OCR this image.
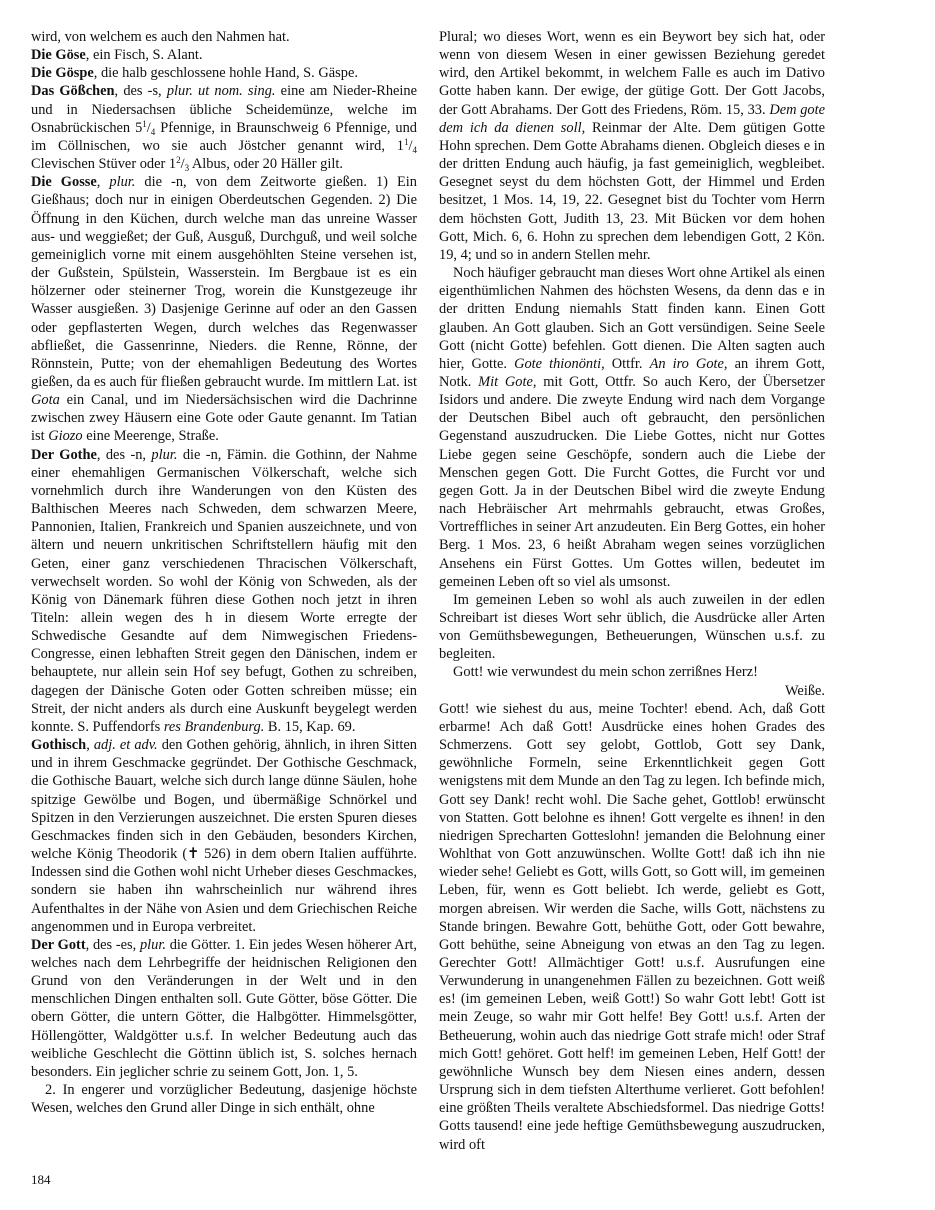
wird, von welchem es auch den Nahmen hat.

Die Göse, ein Fisch, S. Alant.

Die Göspe, die halb geschlossene hohle Hand, S. Gäspe.

Das Gößchen, des -s, plur. ut nom. sing. eine am Nieder-Rheine und in Niedersachsen übliche Scheidemünze, welche im Osnabrückischen $5^1/_4$ Pfennige, in Braunschweig 6 Pfennige, und im Cöllnischen, wo sie auch Jöstcher genannt wird, $1^1/_4$ Clevischen Stüver oder $1^2/_3$ Albus, oder 20 Häller gilt.

Die Gosse, plur. die -n, von dem Zeitworte gießen. 1) Ein Gießhaus; doch nur in einigen Oberdeutschen Gegenden. 2) Die Öffnung in den Küchen, durch welche man das unreine Wasser aus- und weggießet; der Guß, Ausguß, Durchguß, und weil solche gemeiniglich vorne mit einem ausgehöhlten Steine versehen ist, der Gußstein, Spülstein, Wasserstein. Im Bergbaue ist es ein hölzerner oder steinerner Trog, worein die Kunstgezeuge ihr Wasser ausgießen. 3) Dasjenige Gerinne auf oder an den Gassen oder gepflasterten Wegen, durch welches das Regenwasser abfließet, die Gassenrinne, Nieders. die Renne, Rönne, der Rönnstein, Putte; von der ehemahligen Bedeutung des Wortes gießen, da es auch für fließen gebraucht wurde. Im mittlern Lat. ist Gota ein Canal, und im Niedersächsischen wird die Dachrinne zwischen zwey Häusern eine Gote oder Gaute genannt. Im Tatian ist Giozo eine Meerenge, Straße.

Der Gothe, des -n, plur. die -n, Fämin. die Gothinn, der Nahme einer ehemahligen Germanischen Völkerschaft, welche sich vornehmlich durch ihre Wanderungen von den Küsten des Balthischen Meeres nach Schweden, dem schwarzen Meere, Pannonien, Italien, Frankreich und Spanien auszeichnete, und von ältern und neuern unkritischen Schriftstellern häufig mit den Geten, einer ganz verschiedenen Thracischen Völkerschaft, verwechselt worden. So wohl der König von Schweden, als der König von Dänemark führen diese Gothen noch jetzt in ihren Titeln: allein wegen des h in diesem Worte erregte der Schwedische Gesandte auf dem Nimwegischen Friedens-Congresse, einen lebhaften Streit gegen den Dänischen, indem er behauptete, nur allein sein Hof sey befugt, Gothen zu schreiben, dagegen der Dänische Goten oder Gotten schreiben müsse; ein Streit, der nicht anders als durch eine Auskunft beygelegt werden konnte. S. Puffendorfs res Brandenburg. B. 15, Kap. 69.

Gothisch, adj. et adv. den Gothen gehörig, ähnlich, in ihren Sitten und in ihrem Geschmacke gegründet. Der Gothische Geschmack, die Gothische Bauart, welche sich durch lange dünne Säulen, hohe spitzige Gewölbe und Bogen, und übermäßige Schnörkel und Spitzen in den Verzierungen auszeichnet. Die ersten Spuren dieses Geschmackes finden sich in den Gebäuden, besonders Kirchen, welche König Theodorik (✝ 526) in dem obern Italien aufführte. Indessen sind die Gothen wohl nicht Urheber dieses Geschmackes, sondern sie haben ihn wahrscheinlich nur während ihres Aufenthaltes in der Nähe von Asien und dem Griechischen Reiche angenommen und in Europa verbreitet.

Der Gott, des -es, plur. die Götter. 1. Ein jedes Wesen höherer Art, welches nach dem Lehrbegriffe der heidnischen Religionen den Grund von den Veränderungen in der Welt und in den menschlichen Dingen enthalten soll. Gute Götter, böse Götter. Die obern Götter, die untern Götter, die Halbgötter. Himmelsgötter, Höllengötter, Waldgötter u.s.f. In welcher Bedeutung auch das weibliche Geschlecht die Göttinn üblich ist, S. solches hernach besonders. Ein jeglicher schrie zu seinem Gott, Jon. 1, 5.

2. In engerer und vorzüglicher Bedeutung, dasjenige höchste Wesen, welches den Grund aller Dinge in sich enthält, ohne

Plural; wo dieses Wort, wenn es ein Beywort bey sich hat, oder wenn von diesem Wesen in einer gewissen Beziehung geredet wird, den Artikel bekommt, in welchem Falle es auch im Dativo Gotte haben kann. Der ewige, der gütige Gott. Der Gott Jacobs, der Gott Abrahams. Der Gott des Friedens, Röm. 15, 33. Dem gote dem ich da dienen soll, Reinmar der Alte. Dem gütigen Gotte Hohn sprechen. Dem Gotte Abrahams dienen. Obgleich dieses e in der dritten Endung auch häufig, ja fast gemeiniglich, wegbleibet. Gesegnet seyst du dem höchsten Gott, der Himmel und Erden besitzet, 1 Mos. 14, 19, 22. Gesegnet bist du Tochter vom Herrn dem höchsten Gott, Judith 13, 23. Mit Bücken vor dem hohen Gott, Mich. 6, 6. Hohn zu sprechen dem lebendigen Gott, 2 Kön. 19, 4; und so in andern Stellen mehr.

Noch häufiger gebraucht man dieses Wort ohne Artikel als einen eigenthümlichen Nahmen des höchsten Wesens, da denn das e in der dritten Endung niemahls Statt finden kann. Einen Gott glauben. An Gott glauben. Sich an Gott versündigen. Seine Seele Gott (nicht Gotte) befehlen. Gott dienen. Die Alten sagten auch hier, Gotte. Gote thionönti, Ottfr. An iro Gote, an ihrem Gott, Notk. Mit Gote, mit Gott, Ottfr. So auch Kero, der Übersetzer Isidors und andere. Die zweyte Endung wird nach dem Vorgange der Deutschen Bibel auch oft gebraucht, den persönlichen Gegenstand auszudrucken. Die Liebe Gottes, nicht nur Gottes Liebe gegen seine Geschöpfe, sondern auch die Liebe der Menschen gegen Gott. Die Furcht Gottes, die Furcht vor und gegen Gott. Ja in der Deutschen Bibel wird die zweyte Endung nach Hebräischer Art mehrmahls gebraucht, etwas Großes, Vortreffliches in seiner Art anzudeuten. Ein Berg Gottes, ein hoher Berg. 1 Mos. 23, 6 heißt Abraham wegen seines vorzüglichen Ansehens ein Fürst Gottes. Um Gottes willen, bedeutet im gemeinen Leben oft so viel als umsonst.

Im gemeinen Leben so wohl als auch zuweilen in der edlen Schreibart ist dieses Wort sehr üblich, die Ausdrücke aller Arten von Gemüthsbewegungen, Betheuerungen, Wünschen u.s.f. zu begleiten.

Gott! wie verwundest du mein schon zerrißnes Herz!

Weiße.

Gott! wie siehest du aus, meine Tochter! ebend. Ach, daß Gott erbarme! Ach daß Gott! Ausdrücke eines hohen Grades des Schmerzens. Gott sey gelobt, Gottlob, Gott sey Dank, gewöhnliche Formeln, seine Erkenntlichkeit gegen Gott wenigstens mit dem Munde an den Tag zu legen. Ich befinde mich, Gott sey Dank! recht wohl. Die Sache gehet, Gottlob! erwünscht von Statten. Gott belohne es ihnen! Gott vergelte es ihnen! in den niedrigen Sprecharten Gotteslohn! jemanden die Belohnung einer Wohlthat von Gott anzuwünschen. Wollte Gott! daß ich ihn nie wieder sehe! Geliebt es Gott, wills Gott, so Gott will, im gemeinen Leben, für, wenn es Gott beliebt. Ich werde, geliebt es Gott, morgen abreisen. Wir werden die Sache, wills Gott, nächstens zu Stande bringen. Bewahre Gott, behüthe Gott, oder Gott bewahre, Gott behüthe, seine Abneigung von etwas an den Tag zu legen. Gerechter Gott! Allmächtiger Gott! u.s.f. Ausrufungen eine Verwunderung in unangenehmen Fällen zu bezeichnen. Gott weiß es! (im gemeinen Leben, weiß Gott!) So wahr Gott lebt! Gott ist mein Zeuge, so wahr mir Gott helfe! Bey Gott! u.s.f. Arten der Betheuerung, wohin auch das niedrige Gott strafe mich! oder Straf mich Gott! gehöret. Gott helf! im gemeinen Leben, Helf Gott! der gewöhnliche Wunsch bey dem Niesen eines andern, dessen Ursprung sich in dem tiefsten Alterthume verlieret. Gott befohlen! eine größten Theils veraltete Abschiedsformel. Das niedrige Gotts! Gotts tausend! eine jede heftige Gemüthsbewegung auszudrucken, wird oft

184
